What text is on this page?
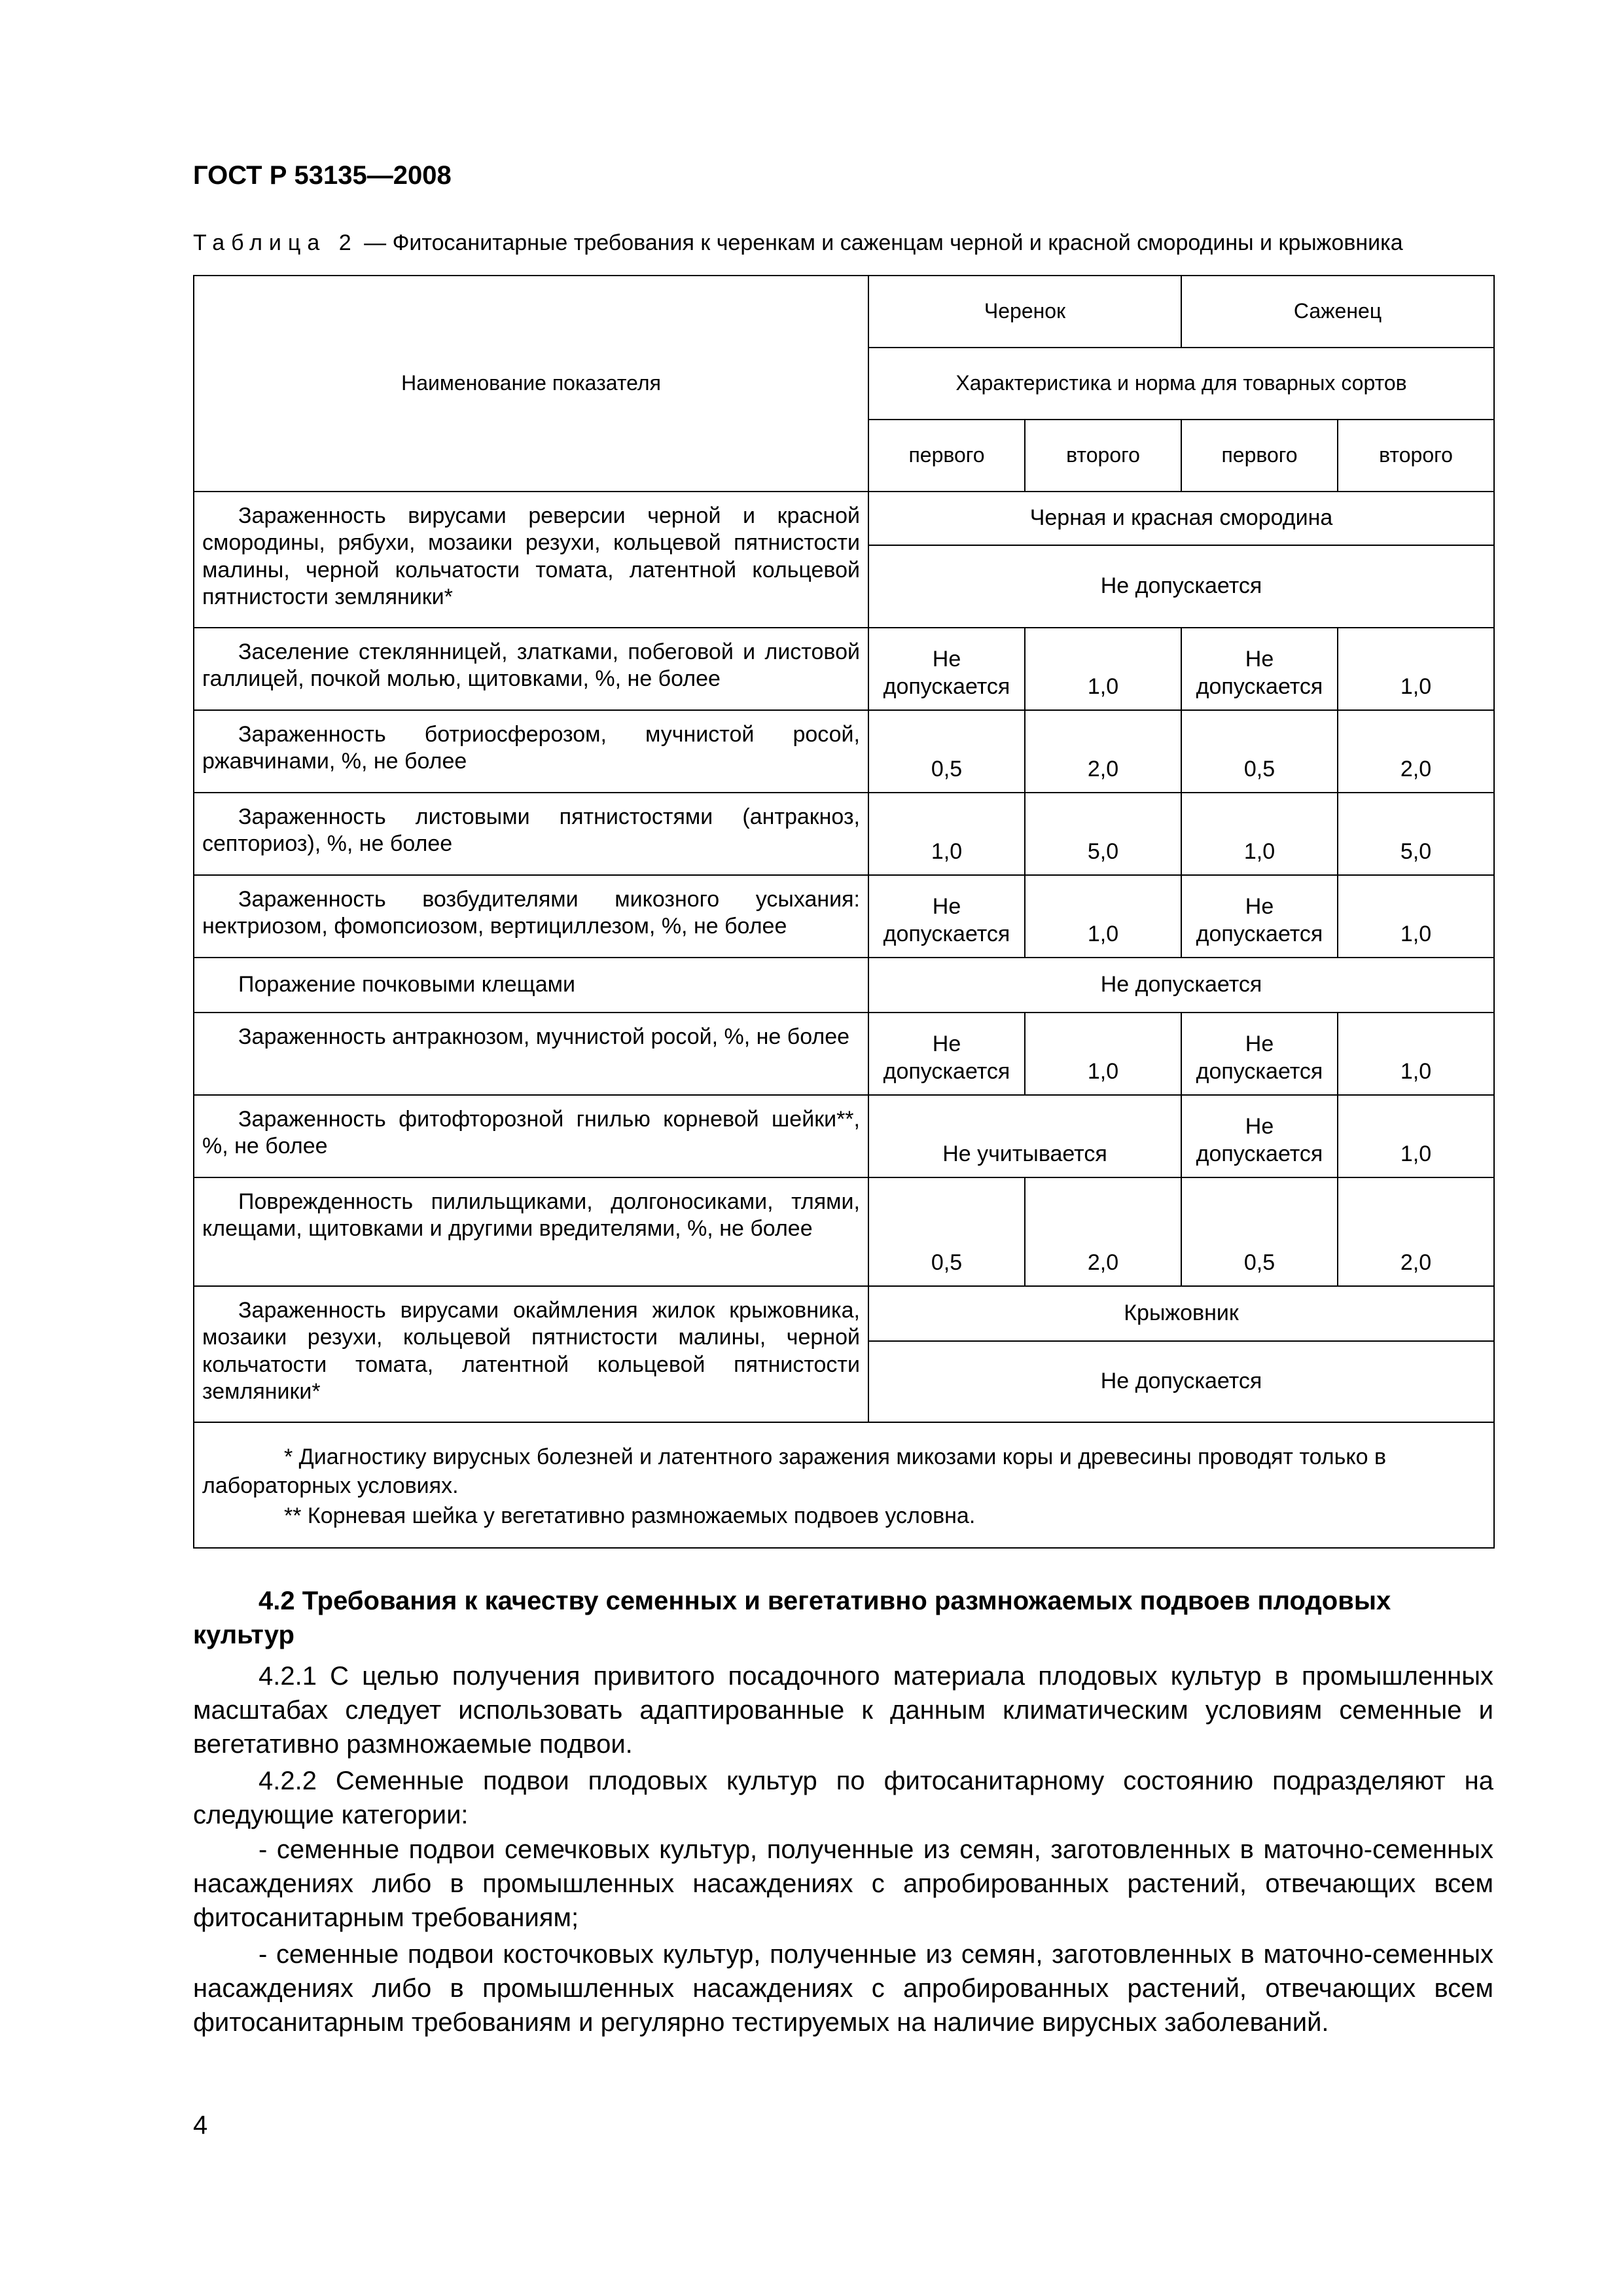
ГОСТ Р 53135—2008
Таблица 2 — Фитосанитарные требования к черенкам и саженцам черной и красной смородины и крыжовника
Наименование показателя	Черенок		Саженец	
	Характеристика и норма для товарных сортов			
	первого	второго	первого	второго
Зараженность вирусами реверсии черной и красной смородины, рябухи, мозаики резухи, кольцевой пятнистости малины, черной кольчатости томата, латентной кольцевой пятнистости земляники*	Черная и красная смородина			
	Не допускается			
Заселение стеклянницей, златками, побеговой и листовой галлицей, почкой молью, щитовками, %, не более	Не допускается	1,0	Не допускается	1,0
Зараженность ботриосферозом, мучнистой росой, ржавчинами, %, не более	0,5	2,0	0,5	2,0
Зараженность листовыми пятнистостями (антракноз, септориоз), %, не более	1,0	5,0	1,0	5,0
Зараженность возбудителями микозного усыхания: нектриозом, фомопсиозом, вертициллезом, %, не более	Не допускается	1,0	Не допускается	1,0
Поражение почковыми клещами	Не допускается			
Зараженность антракнозом, мучнистой росой, %, не более	Не допускается	1,0	Не допускается	1,0
Зараженность фитофторозной гнилью корневой шейки**, %, не более	Не учитывается		Не допускается	1,0
Поврежденность пилильщиками, долгоносиками, тлями, клещами, щитовками и другими вредителями, %, не более	0,5	2,0	0,5	2,0
Зараженность вирусами окаймления жилок крыжовника, мозаики резухи, кольцевой пятнистости малины, черной кольчатости томата, латентной кольцевой пятнистости земляники*	Крыжовник			
	Не допускается			

* Диагностику вирусных болезней и латентного заражения микозами коры и древесины проводят только в лабораторных условиях.

** Корневая шейка у вегетативно размножаемых подвоев условна.				

4.2 Требования к качеству семенных и вегетативно размножаемых подвоев плодовых культур

4.2.1 С целью получения привитого посадочного материала плодовых культур в промышленных масштабах следует использовать адаптированные к данным климатическим условиям семенные и вегетативно размножаемые подвои.

4.2.2 Семенные подвои плодовых культур по фитосанитарному состоянию подразделяют на следующие категории:

- семенные подвои семечковых культур, полученные из семян, заготовленных в маточно-семенных насаждениях либо в промышленных насаждениях с апробированных растений, отвечающих всем фитосанитарным требованиям;

- семенные подвои косточковых культур, полученные из семян, заготовленных в маточно-семенных насаждениях либо в промышленных насаждениях с апробированных растений, отвечающих всем фитосанитарным требованиям и регулярно тестируемых на наличие вирусных заболеваний.

4
